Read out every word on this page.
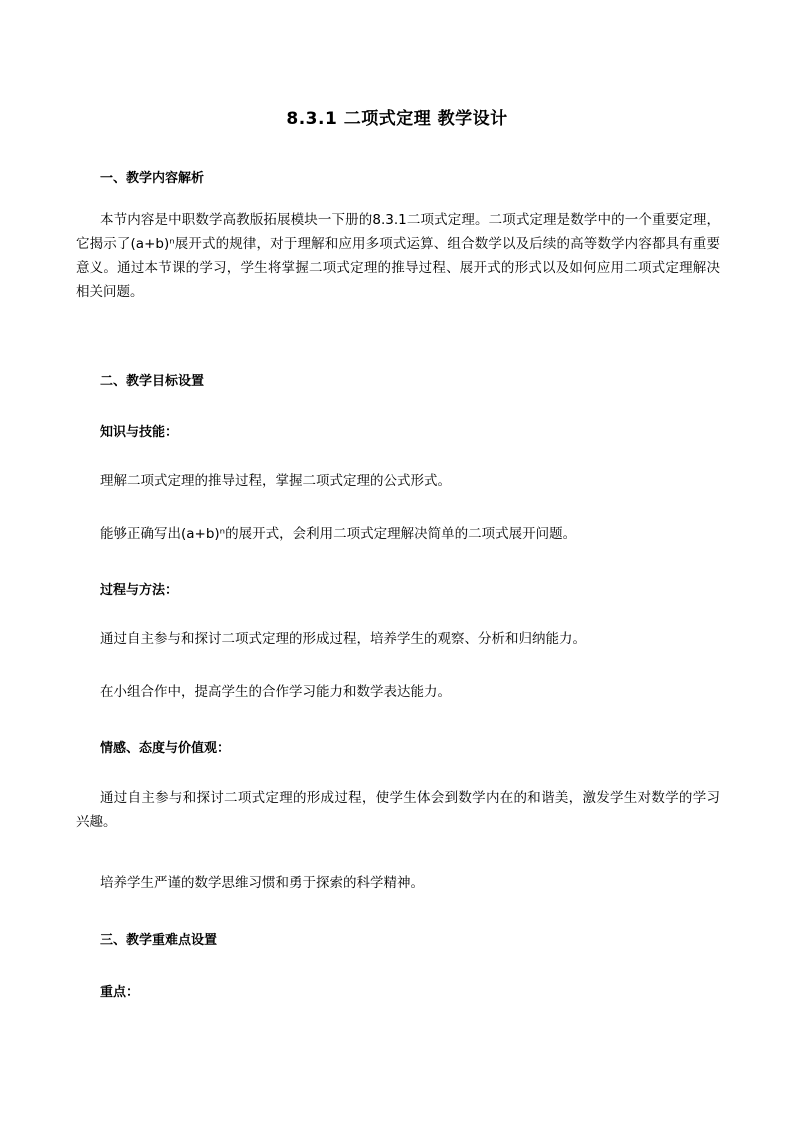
8.3.1 二项式定理 教学设计
一、教学内容解析
本节内容是中职数学高教版拓展模块一下册的8.3.1二项式定理。二项式定理是数学中的一个重要定理，它揭示了(a+b)ⁿ展开式的规律，对于理解和应用多项式运算、组合数学以及后续的高等数学内容都具有重要意义。通过本节课的学习，学生将掌握二项式定理的推导过程、展开式的形式以及如何应用二项式定理解决相关问题。
二、教学目标设置
知识与技能：
理解二项式定理的推导过程，掌握二项式定理的公式形式。
能够正确写出(a+b)ⁿ的展开式，会利用二项式定理解决简单的二项式展开问题。
过程与方法：
通过自主参与和探讨二项式定理的形成过程，培养学生的观察、分析和归纳能力。
在小组合作中，提高学生的合作学习能力和数学表达能力。
情感、态度与价值观：
通过自主参与和探讨二项式定理的形成过程，使学生体会到数学内在的和谐美，激发学生对数学的学习兴趣。
培养学生严谨的数学思维习惯和勇于探索的科学精神。
三、教学重难点设置
重点：
